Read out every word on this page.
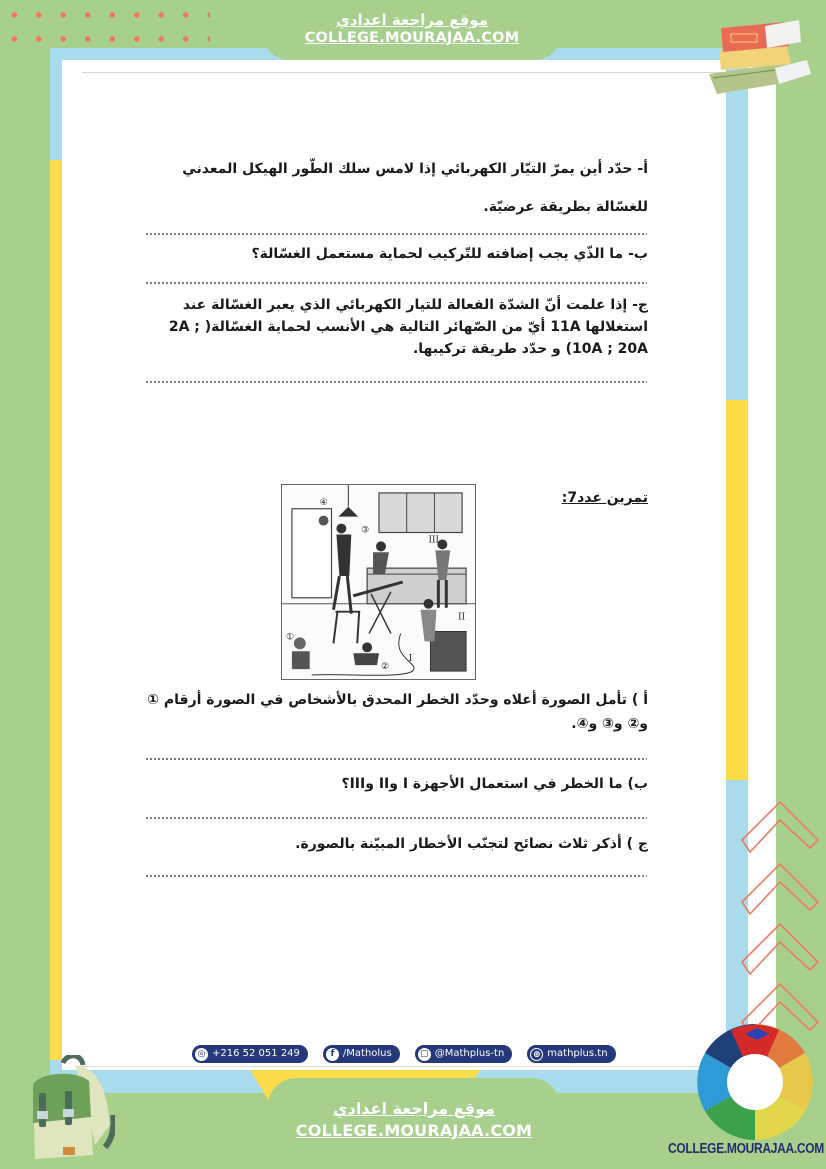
موقع مراجعة اعدادي
COLLEGE.MOURAJAA.COM
أ- حدّد أين يمرّ التيّار الكهربائي إذا لامس سلك الطّور الهيكل المعدني للغسّالة بطريقة عرضيّة.
ب- ما الذّي يجب إضافته للتّركيب لحماية مستعمل الغسّالة؟
ج- إذا علمت أنّ الشدّة الفعالة للتيار الكهربائي الذي يعبر الغسّالة عند استغلالها 11A أيّ من الصّهائر التالية هي الأنسب لحماية الغسّالة( 2A ; 10A ; 20A) و حدّد طريقة تركيبها.
تمرين عدد7:
④
③
②
①
III
II
I
أ ) تأمل الصورة أعلاه وحدّد الخطر المحدق بالأشخاص في الصورة أرقام ① و② و③ و④.
ب) ما الخطر في استعمال الأجهزة I وII وIII؟
ج ) أذكر ثلاث نصائح لتجنّب الأخطار المبيّنة بالصورة.
◎ +216 52 051 249	f /Matholus	▢ @Mathplus-tn	⊕ mathplus.tn
موقع مراجعة اعدادي
COLLEGE.MOURAJAA.COM
COLLEGE.MOURAJAA.COM
